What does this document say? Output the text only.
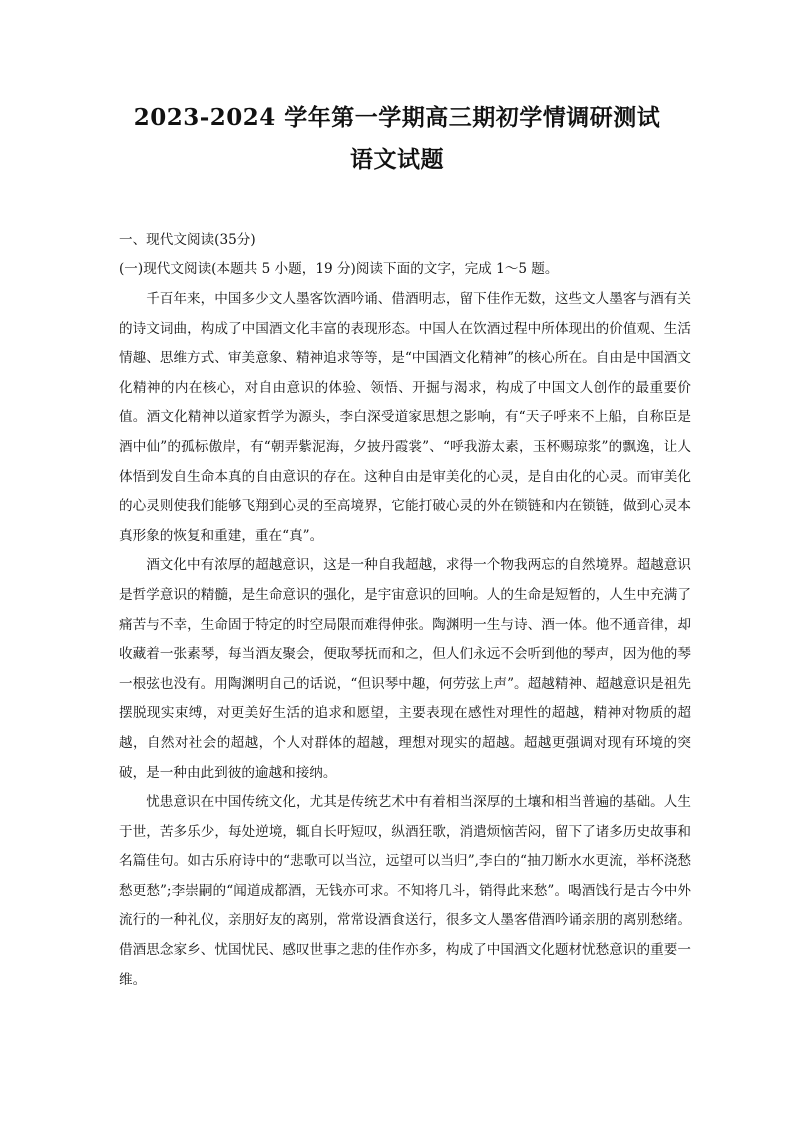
2023-2024 学年第一学期高三期初学情调研测试
语文试题
一、现代文阅读(35分)
(一)现代文阅读(本题共 5 小题，19 分)阅读下面的文字，完成 1～5 题。

千百年来，中国多少文人墨客饮酒吟诵、借酒明志，留下佳作无数，这些文人墨客与酒有关的诗文词曲，构成了中国酒文化丰富的表现形态。中国人在饮酒过程中所体现出的价值观、生活情趣、思维方式、审美意象、精神追求等等，是“中国酒文化精神”的核心所在。自由是中国酒文化精神的内在核心，对自由意识的体验、领悟、开掘与渴求，构成了中国文人创作的最重要价值。酒文化精神以道家哲学为源头，李白深受道家思想之影响，有“天子呼来不上船，自称臣是酒中仙”的孤标傲岸，有“朝弄紫泥海，夕披丹霞裳”、“呼我游太素，玉杯赐琼浆”的飘逸，让人体悟到发自生命本真的自由意识的存在。这种自由是审美化的心灵，是自由化的心灵。而审美化的心灵则使我们能够飞翔到心灵的至高境界，它能打破心灵的外在锁链和内在锁链，做到心灵本真形象的恢复和重建，重在“真”。

酒文化中有浓厚的超越意识，这是一种自我超越，求得一个物我两忘的自然境界。超越意识是哲学意识的精髓，是生命意识的强化，是宇宙意识的回响。人的生命是短暂的，人生中充满了痛苦与不幸，生命固于特定的时空局限而难得伸张。陶渊明一生与诗、酒一体。他不通音律，却收藏着一张素琴，每当酒友聚会，便取琴抚而和之，但人们永远不会听到他的琴声，因为他的琴一根弦也没有。用陶渊明自己的话说，“但识琴中趣，何劳弦上声”。超越精神、超越意识是祖先摆脱现实束缚，对更美好生活的追求和愿望，主要表现在感性对理性的超越，精神对物质的超越，自然对社会的超越，个人对群体的超越，理想对现实的超越。超越更强调对现有环境的突破，是一种由此到彼的逾越和接纳。

忧患意识在中国传统文化，尤其是传统艺术中有着相当深厚的土壤和相当普遍的基础。人生于世，苦多乐少，每处逆境，辄自长吁短叹，纵酒狂歌，消遣烦恼苦闷，留下了诸多历史故事和名篇佳句。如古乐府诗中的“悲歌可以当泣，远望可以当归”,李白的“抽刀断水水更流，举杯浇愁愁更愁”;李崇嗣的“闻道成都酒，无钱亦可求。不知将几斗，销得此来愁”。喝酒饯行是古今中外流行的一种礼仪，亲朋好友的离别，常常设酒食送行，很多文人墨客借酒吟诵亲朋的离别愁绪。借酒思念家乡、忧国忧民、感叹世事之悲的佳作亦多，构成了中国酒文化题材忧愁意识的重要一维。
